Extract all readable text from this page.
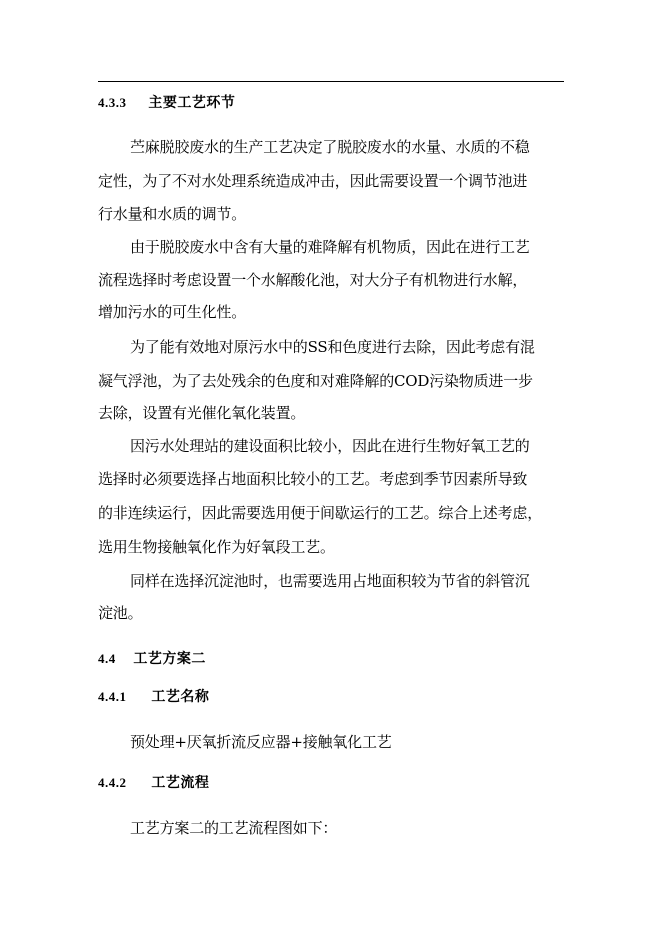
4.3.3 主要工艺环节
苎麻脱胶废水的生产工艺决定了脱胶废水的水量、水质的不稳
定性，为了不对水处理系统造成冲击，因此需要设置一个调节池进
行水量和水质的调节。
由于脱胶废水中含有大量的难降解有机物质，因此在进行工艺
流程选择时考虑设置一个水解酸化池，对大分子有机物进行水解，
增加污水的可生化性。
为了能有效地对原污水中的SS和色度进行去除，因此考虑有混
凝气浮池，为了去处残余的色度和对难降解的COD污染物质进一步
去除，设置有光催化氧化装置。
因污水处理站的建设面积比较小，因此在进行生物好氧工艺的
选择时必须要选择占地面积比较小的工艺。考虑到季节因素所导致
的非连续运行，因此需要选用便于间歇运行的工艺。综合上述考虑，
选用生物接触氧化作为好氧段工艺。
同样在选择沉淀池时，也需要选用占地面积较为节省的斜管沉
淀池。
4.4 工艺方案二
4.4.1 工艺名称
预处理+厌氧折流反应器+接触氧化工艺
4.4.2 工艺流程
工艺方案二的工艺流程图如下：
